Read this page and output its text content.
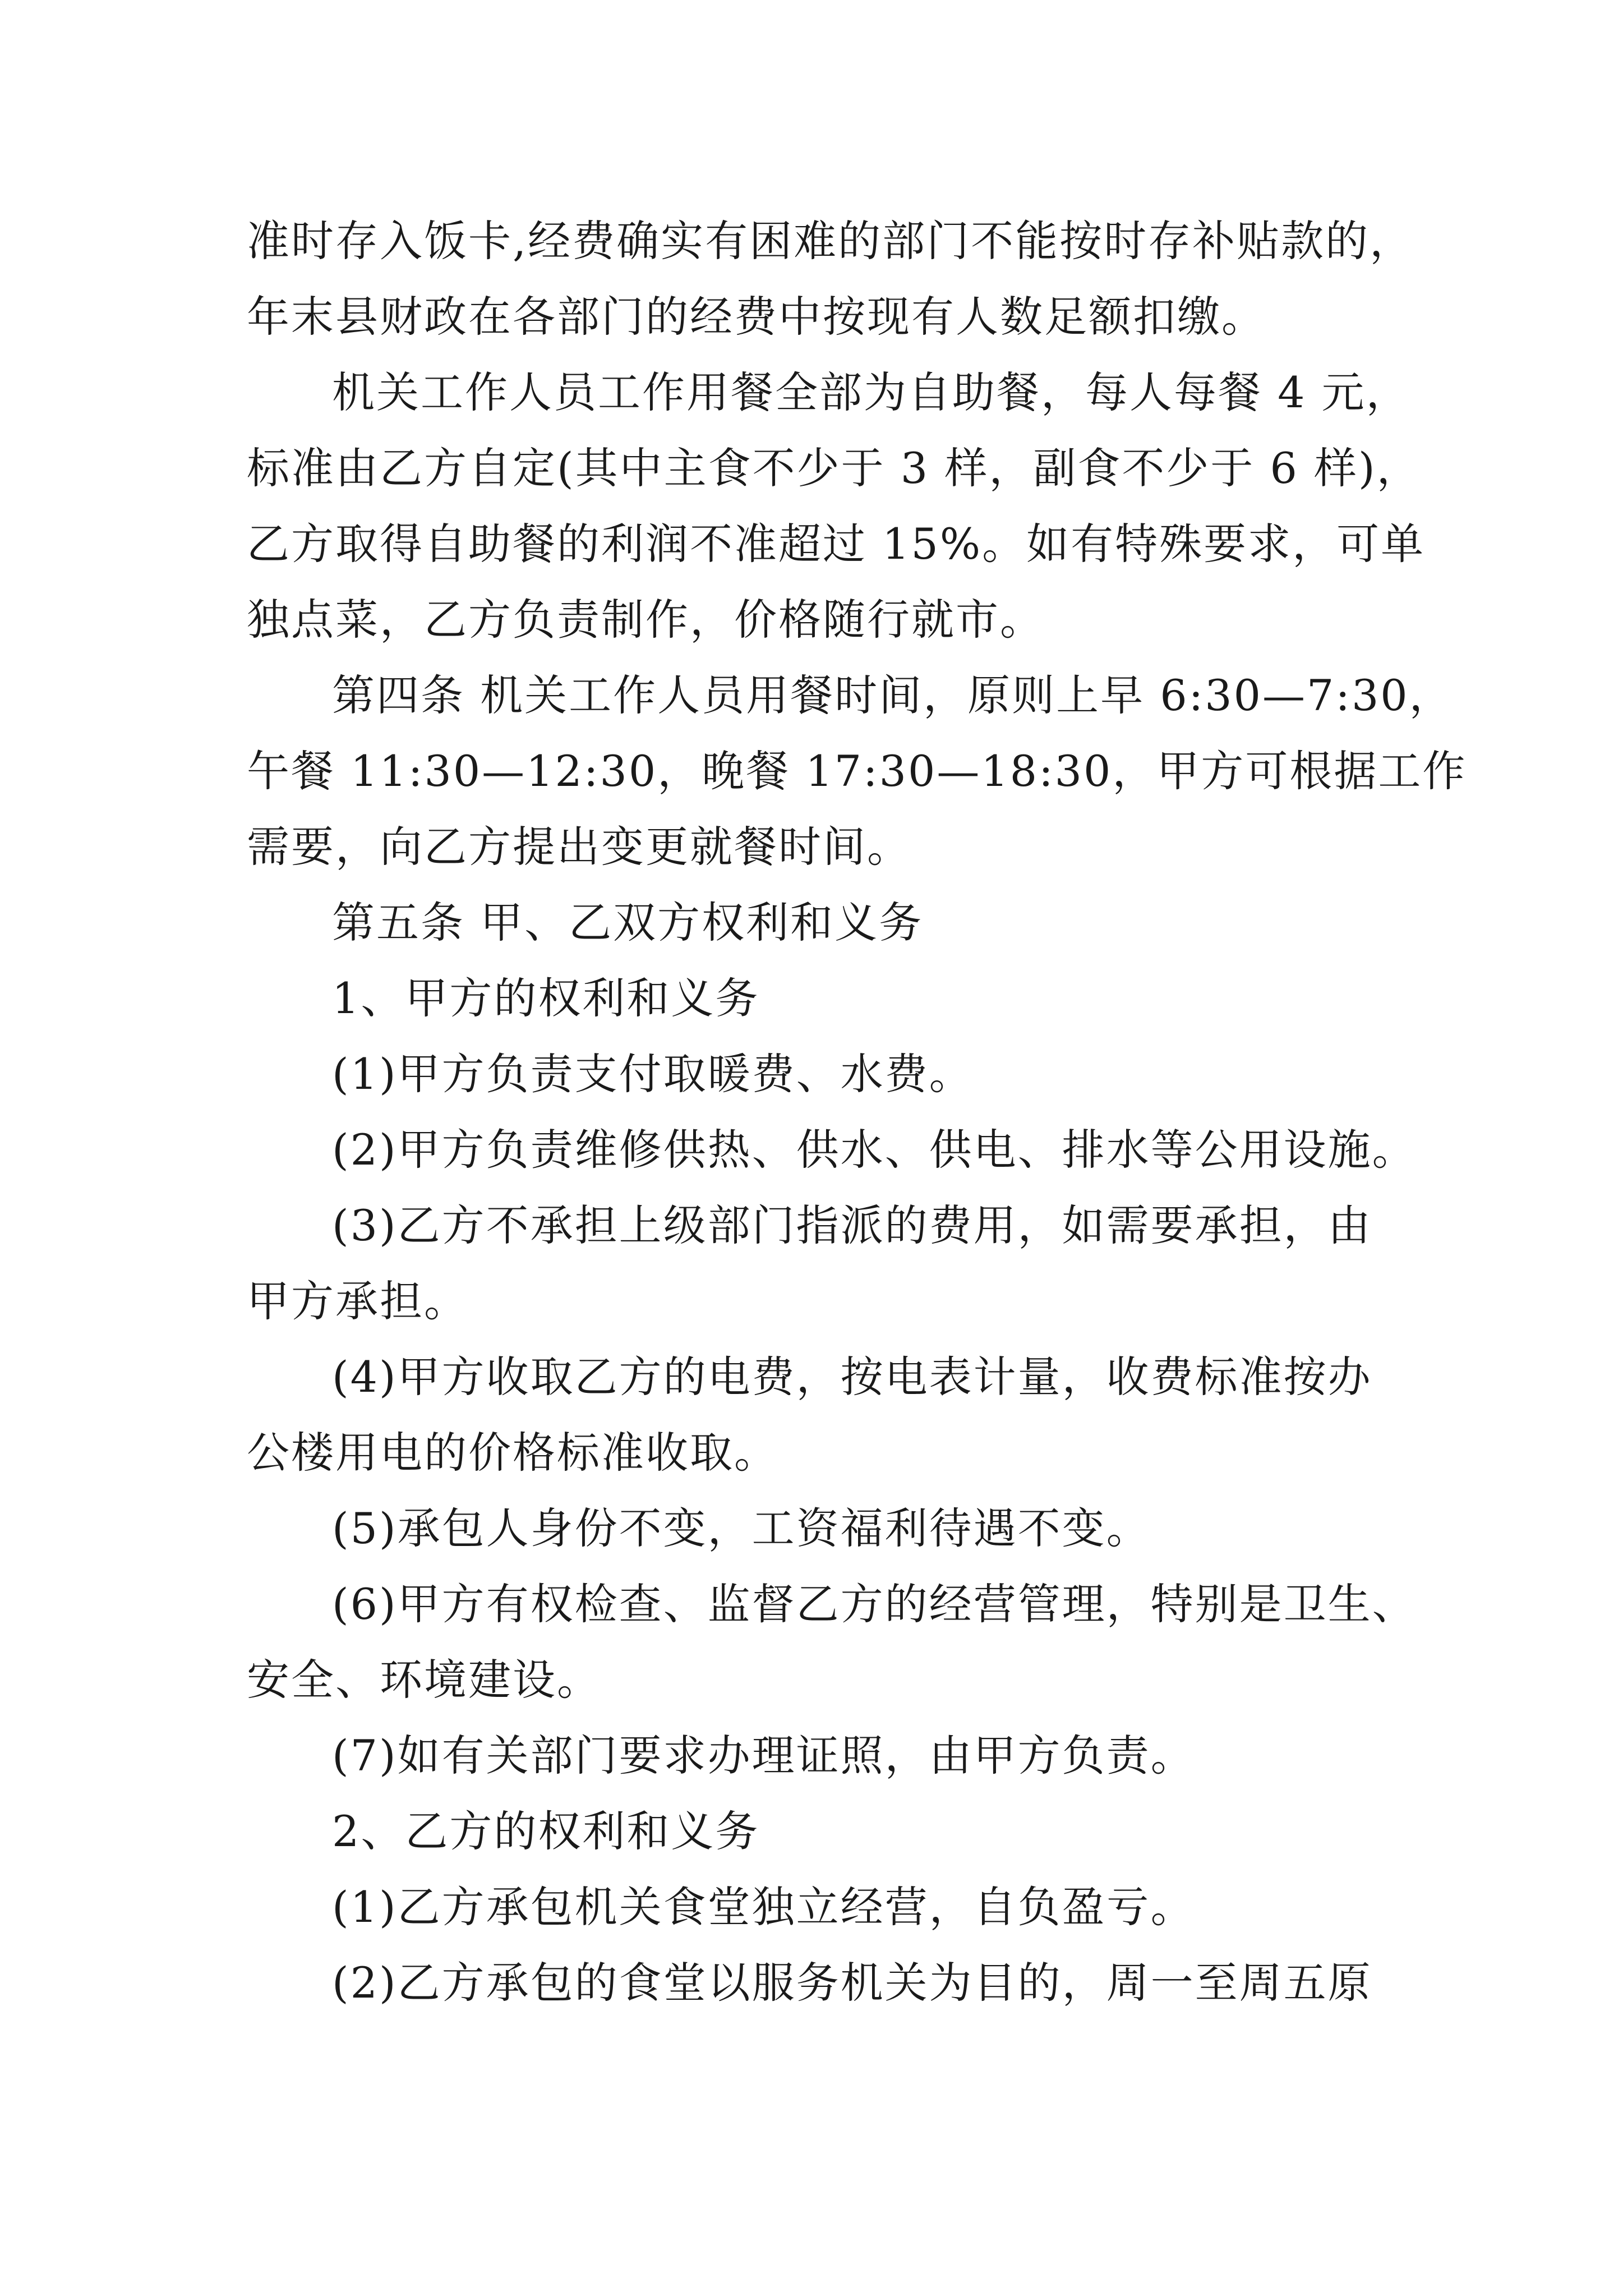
准时存入饭卡,经费确实有困难的部门不能按时存补贴款的，
年末县财政在各部门的经费中按现有人数足额扣缴。
机关工作人员工作用餐全部为自助餐，每人每餐 4 元，
标准由乙方自定(其中主食不少于 3 样，副食不少于 6 样)，
乙方取得自助餐的利润不准超过 15%。如有特殊要求，可单
独点菜，乙方负责制作，价格随行就市。
第四条 机关工作人员用餐时间，原则上早 6:30—7:30，
午餐 11:30—12:30，晚餐 17:30—18:30，甲方可根据工作
需要，向乙方提出变更就餐时间。
第五条 甲、乙双方权利和义务
1、甲方的权利和义务
(1)甲方负责支付取暖费、水费。
(2)甲方负责维修供热、供水、供电、排水等公用设施。
(3)乙方不承担上级部门指派的费用，如需要承担，由
甲方承担。
(4)甲方收取乙方的电费，按电表计量，收费标准按办
公楼用电的价格标准收取。
(5)承包人身份不变，工资福利待遇不变。
(6)甲方有权检查、监督乙方的经营管理，特别是卫生、
安全、环境建设。
(7)如有关部门要求办理证照，由甲方负责。
2、乙方的权利和义务
(1)乙方承包机关食堂独立经营，自负盈亏。
(2)乙方承包的食堂以服务机关为目的，周一至周五原
